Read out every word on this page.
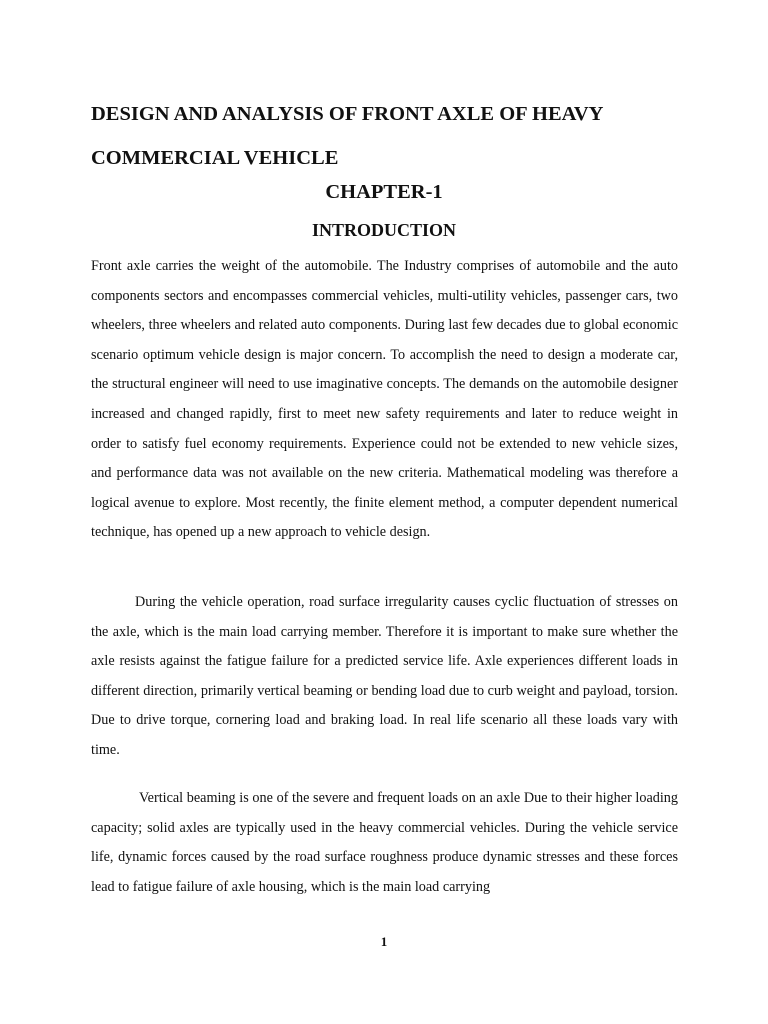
DESIGN AND ANALYSIS OF FRONT AXLE OF HEAVY COMMERCIAL VEHICLE
CHAPTER-1
INTRODUCTION

Front axle carries the weight of the automobile. The Industry comprises of automobile and the auto components sectors and encompasses commercial vehicles, multi-utility vehicles, passenger cars, two wheelers, three wheelers and related auto components. During last few decades due to global economic scenario optimum vehicle design is major concern. To accomplish the need to design a moderate car, the structural engineer will need to use imaginative concepts. The demands on the automobile designer increased and changed rapidly, first to meet new safety requirements and later to reduce weight in order to satisfy fuel economy requirements. Experience could not be extended to new vehicle sizes, and performance data was not available on the new criteria. Mathematical modeling was therefore a logical avenue to explore. Most recently, the finite element method, a computer dependent numerical technique, has opened up a new approach to vehicle design.

During the vehicle operation, road surface irregularity causes cyclic fluctuation of stresses on the axle, which is the main load carrying member. Therefore it is important to make sure whether the axle resists against the fatigue failure for a predicted service life. Axle experiences different loads in different direction, primarily vertical beaming or bending load due to curb weight and payload, torsion. Due to drive torque, cornering load and braking load. In real life scenario all these loads vary with time.

Vertical beaming is one of the severe and frequent loads on an axle Due to their higher loading capacity; solid axles are typically used in the heavy commercial vehicles. During the vehicle service life, dynamic forces caused by the road surface roughness produce dynamic stresses and these forces lead to fatigue failure of axle housing, which is the main load carrying

1
